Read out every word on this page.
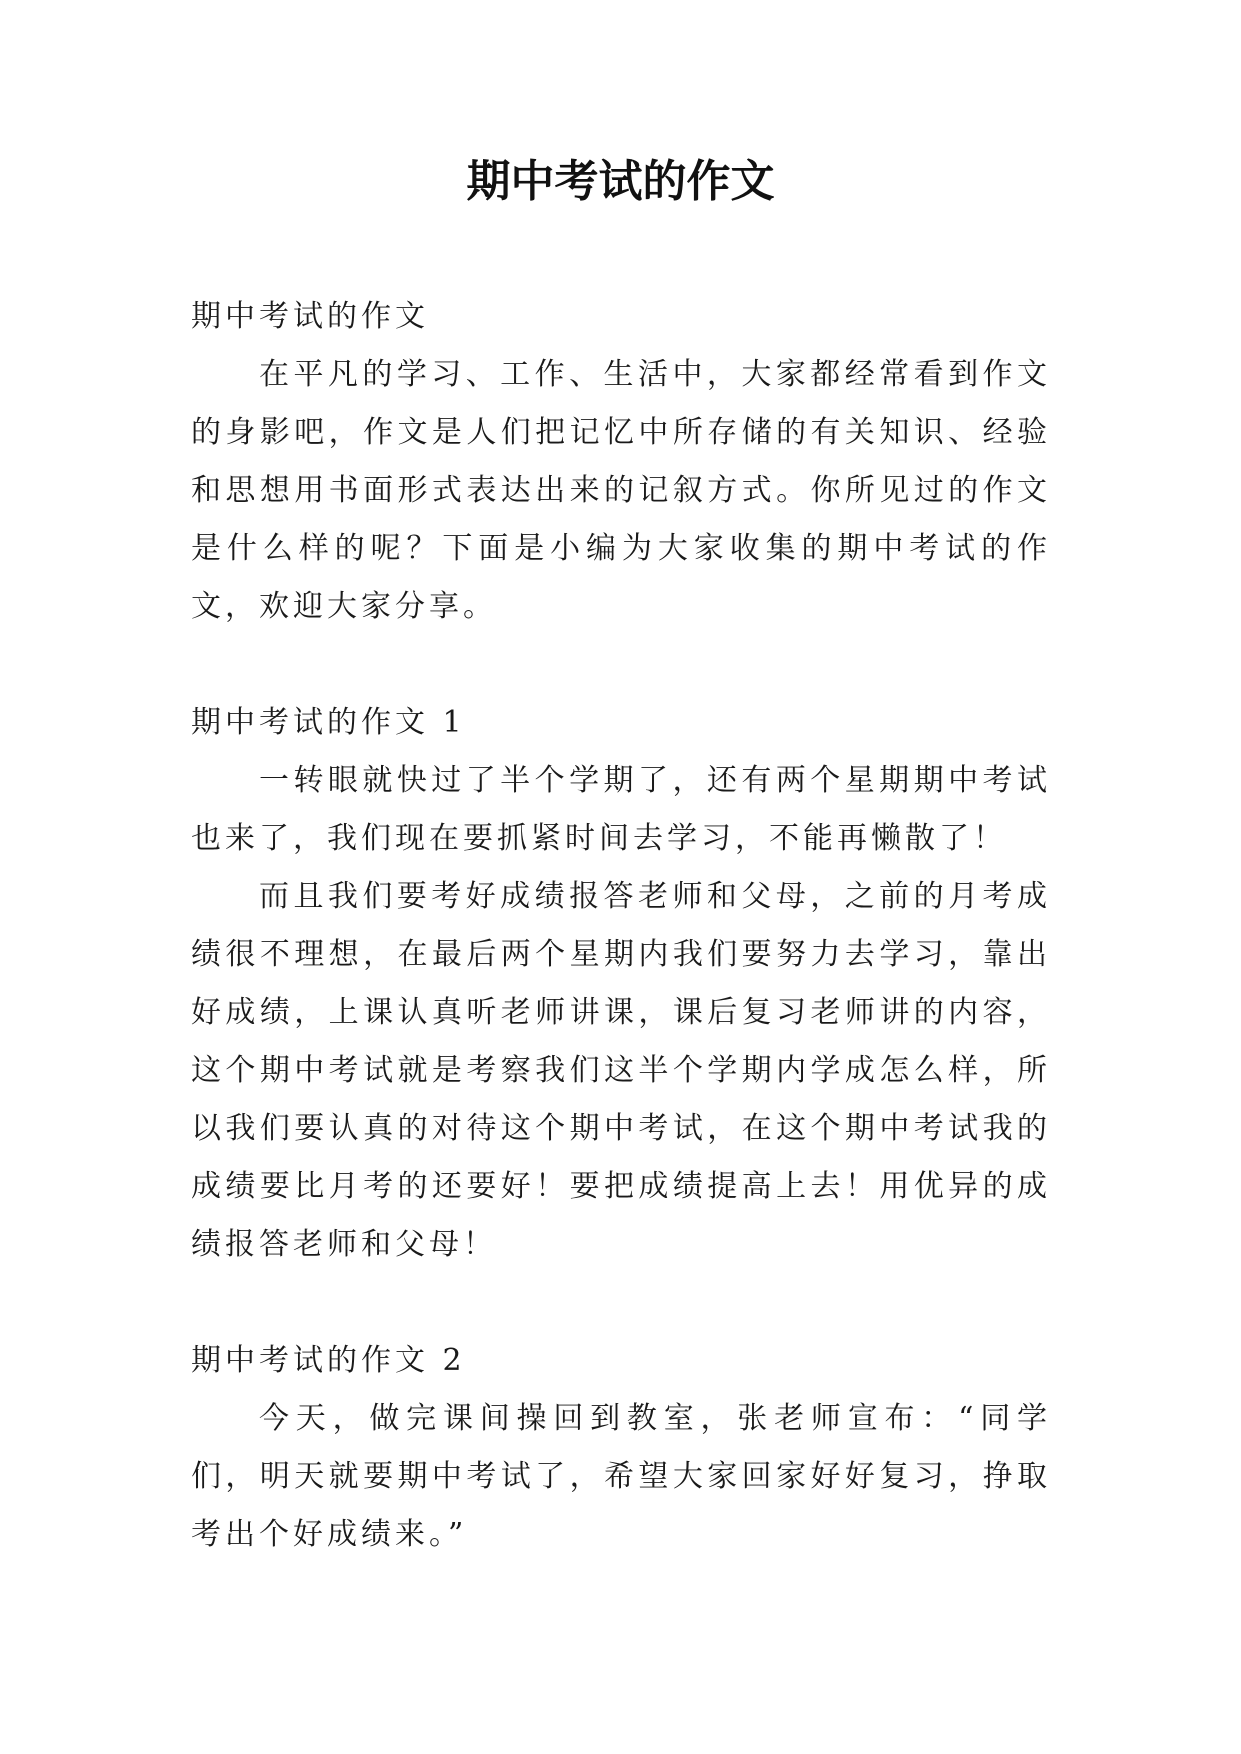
期中考试的作文

期中考试的作文

在平凡的学习、工作、生活中，大家都经常看到作文的身影吧，作文是人们把记忆中所存储的有关知识、经验和思想用书面形式表达出来的记叙方式。你所见过的作文是什么样的呢？下面是小编为大家收集的期中考试的作文，欢迎大家分享。

期中考试的作文 1

一转眼就快过了半个学期了，还有两个星期期中考试也来了，我们现在要抓紧时间去学习，不能再懒散了！

而且我们要考好成绩报答老师和父母，之前的月考成绩很不理想，在最后两个星期内我们要努力去学习，靠出好成绩，上课认真听老师讲课，课后复习老师讲的内容，这个期中考试就是考察我们这半个学期内学成怎么样，所以我们要认真的对待这个期中考试，在这个期中考试我的成绩要比月考的还要好！要把成绩提高上去！用优异的成绩报答老师和父母！

期中考试的作文 2

今天，做完课间操回到教室，张老师宣布：“同学们，明天就要期中考试了，希望大家回家好好复习，挣取考出个好成绩来。”
